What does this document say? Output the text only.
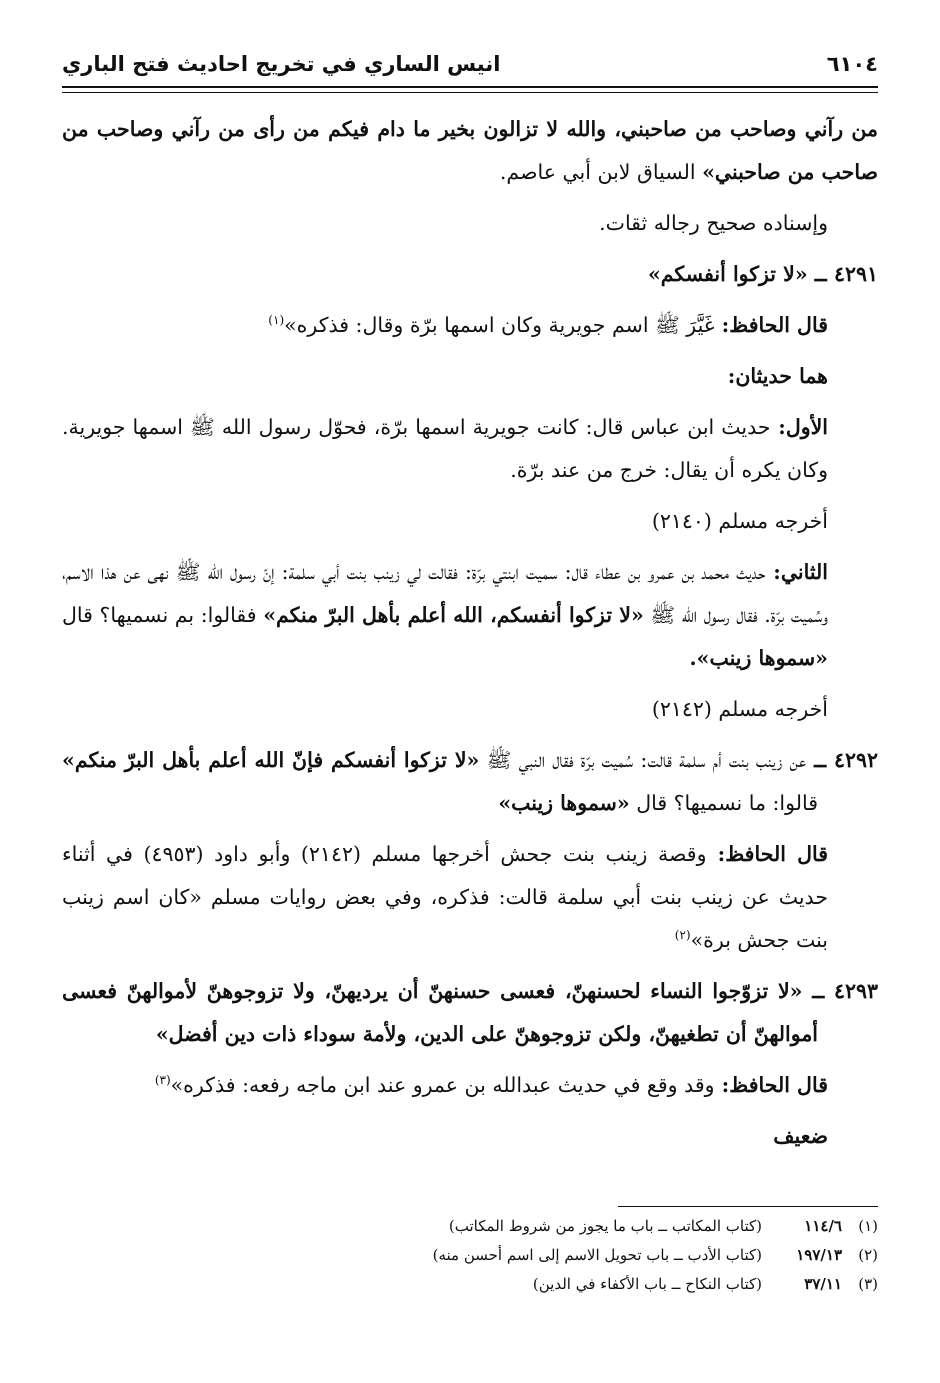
٦١٠٤
انيس الساري في تخريج احاديث فتح الباري

من رآني وصاحب من صاحبني، والله لا تزالون بخير ما دام فيكم من رأى من رآني وصاحب من صاحب من صاحبني» السياق لابن أبي عاصم.

وإسناده صحيح رجاله ثقات.

٤٢٩١ ــ «لا تزكوا أنفسكم»

قال الحافظ: غَيَّرَ ﷺ اسم جويرية وكان اسمها برّة وقال: فذكره»$^{(١)}$

هما حديثان:

الأول: حديث ابن عباس قال: كانت جويرية اسمها برّة، فحوّل رسول الله ﷺ اسمها جويرية. وكان يكره أن يقال: خرج من عند برّة.

أخرجه مسلم (٢١٤٠)

الثاني: حديث محمد بن عمرو بن عطاء قال: سميت ابنتي برّة: فقالت لي زينب بنت أبي سلمة: إنّ رسول الله ﷺ نهى عن هذا الاسم، وسُميت برّة. فقال رسول الله ﷺ «لا تزكوا أنفسكم، الله أعلم بأهل البرّ منكم» فقالوا: بم نسميها؟ قال «سموها زينب».

أخرجه مسلم (٢١٤٢)

٤٢٩٢ ــ عن زينب بنت أم سلمة قالت: سُميت برّة فقال النبي ﷺ «لا تزكوا أنفسكم فإنّ الله أعلم بأهل البرّ منكم» قالوا: ما نسميها؟ قال «سموها زينب»

قال الحافظ: وقصة زينب بنت جحش أخرجها مسلم (٢١٤٢) وأبو داود (٤٩٥٣) في أثناء حديث عن زينب بنت أبي سلمة قالت: فذكره، وفي بعض روايات مسلم «كان اسم زينب بنت جحش برة»$^{(٢)}$

٤٢٩٣ ــ «لا تزوّجوا النساء لحسنهنّ، فعسى حسنهنّ أن يرديهنّ، ولا تزوجوهنّ لأموالهنّ فعسى أموالهنّ أن تطغيهنّ، ولكن تزوجوهنّ على الدين، ولأمة سوداء ذات دين أفضل»

قال الحافظ: وقد وقع في حديث عبدالله بن عمرو عند ابن ماجه رفعه: فذكره»$^{(٣)}$

ضعيف

(١)
١١٤/٦
(كتاب المكاتب ــ باب ما يجوز من شروط المكاتب)
(٢)
١٩٧/١٣
(كتاب الأدب ــ باب تحويل الاسم إلى اسم أحسن منه)
(٣)
٣٧/١١
(كتاب النكاح ــ باب الأكفاء في الدين)
